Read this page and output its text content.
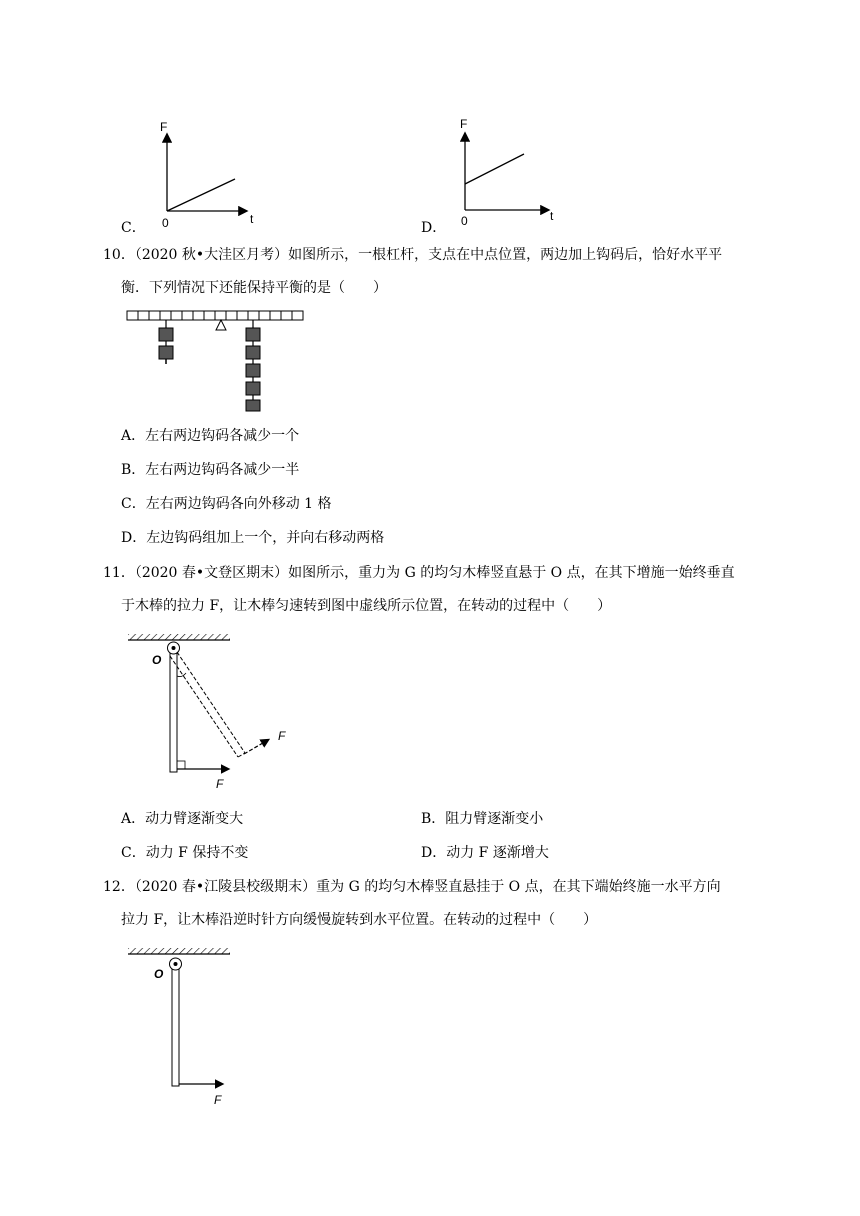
C．
F
t
0	D．
F
t
0
10．（2020 秋•大洼区月考）如图所示，一根杠杆，支点在中点位置，两边加上钩码后，恰好水平平
衡．下列情况下还能保持平衡的是（　　）
A．左右两边钩码各减少一个
B．左右两边钩码各减少一半
C．左右两边钩码各向外移动 1 格
D．左边钩码组加上一个，并向右移动两格
11．（2020 春•文登区期末）如图所示，重力为 G 的均匀木棒竖直悬于 O 点，在其下增施一始终垂直
于木棒的拉力 F，让木棒匀速转到图中虚线所示位置，在转动的过程中（　　）
O
F
F
A．动力臂逐渐变大	B．阻力臂逐渐变小
C．动力 F 保持不变	D．动力 F 逐渐增大
12．（2020 春•江陵县校级期末）重为 G 的均匀木棒竖直悬挂于 O 点，在其下端始终施一水平方向
拉力 F，让木棒沿逆时针方向缓慢旋转到水平位置。在转动的过程中（　　）
O
F
